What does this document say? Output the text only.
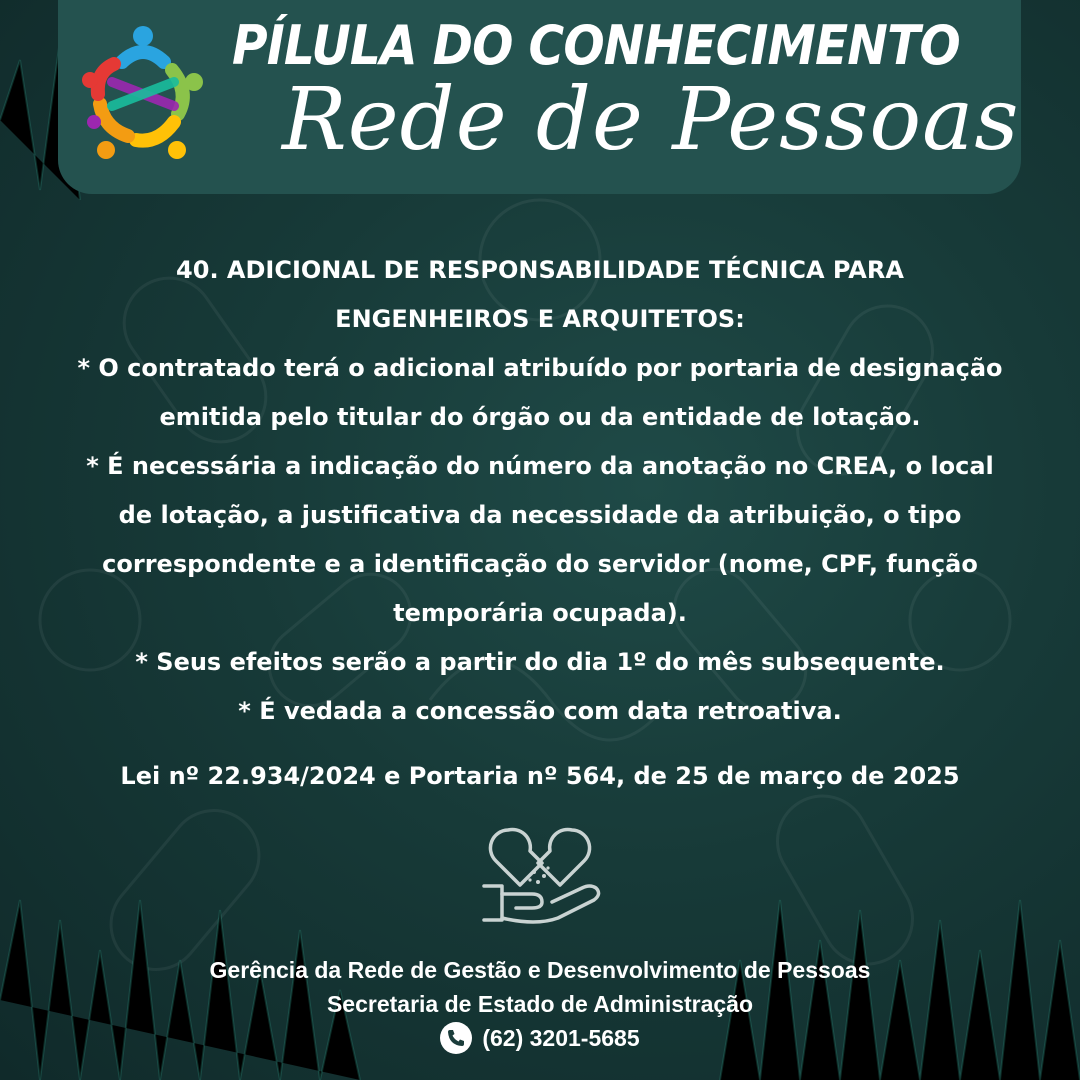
PÍLULA DO CONHECIMENTO
Rede de Pessoas

40. ADICIONAL DE RESPONSABILIDADE TÉCNICA PARA

ENGENHEIROS E ARQUITETOS:

* O contratado terá o adicional atribuído por portaria de designação

emitida pelo titular do órgão ou da entidade de lotação.

* É necessária a indicação do número da anotação no CREA, o local

de lotação, a justificativa da necessidade da atribuição, o tipo

correspondente e a identificação do servidor (nome, CPF, função

temporária ocupada).

* Seus efeitos serão a partir do dia 1º do mês subsequente.

* É vedada a concessão com data retroativa.

Lei nº 22.934/2024 e Portaria nº 564, de 25 de março de 2025
Gerência da Rede de Gestão e Desenvolvimento de Pessoas
Secretaria de Estado de Administração
(62) 3201-5685
